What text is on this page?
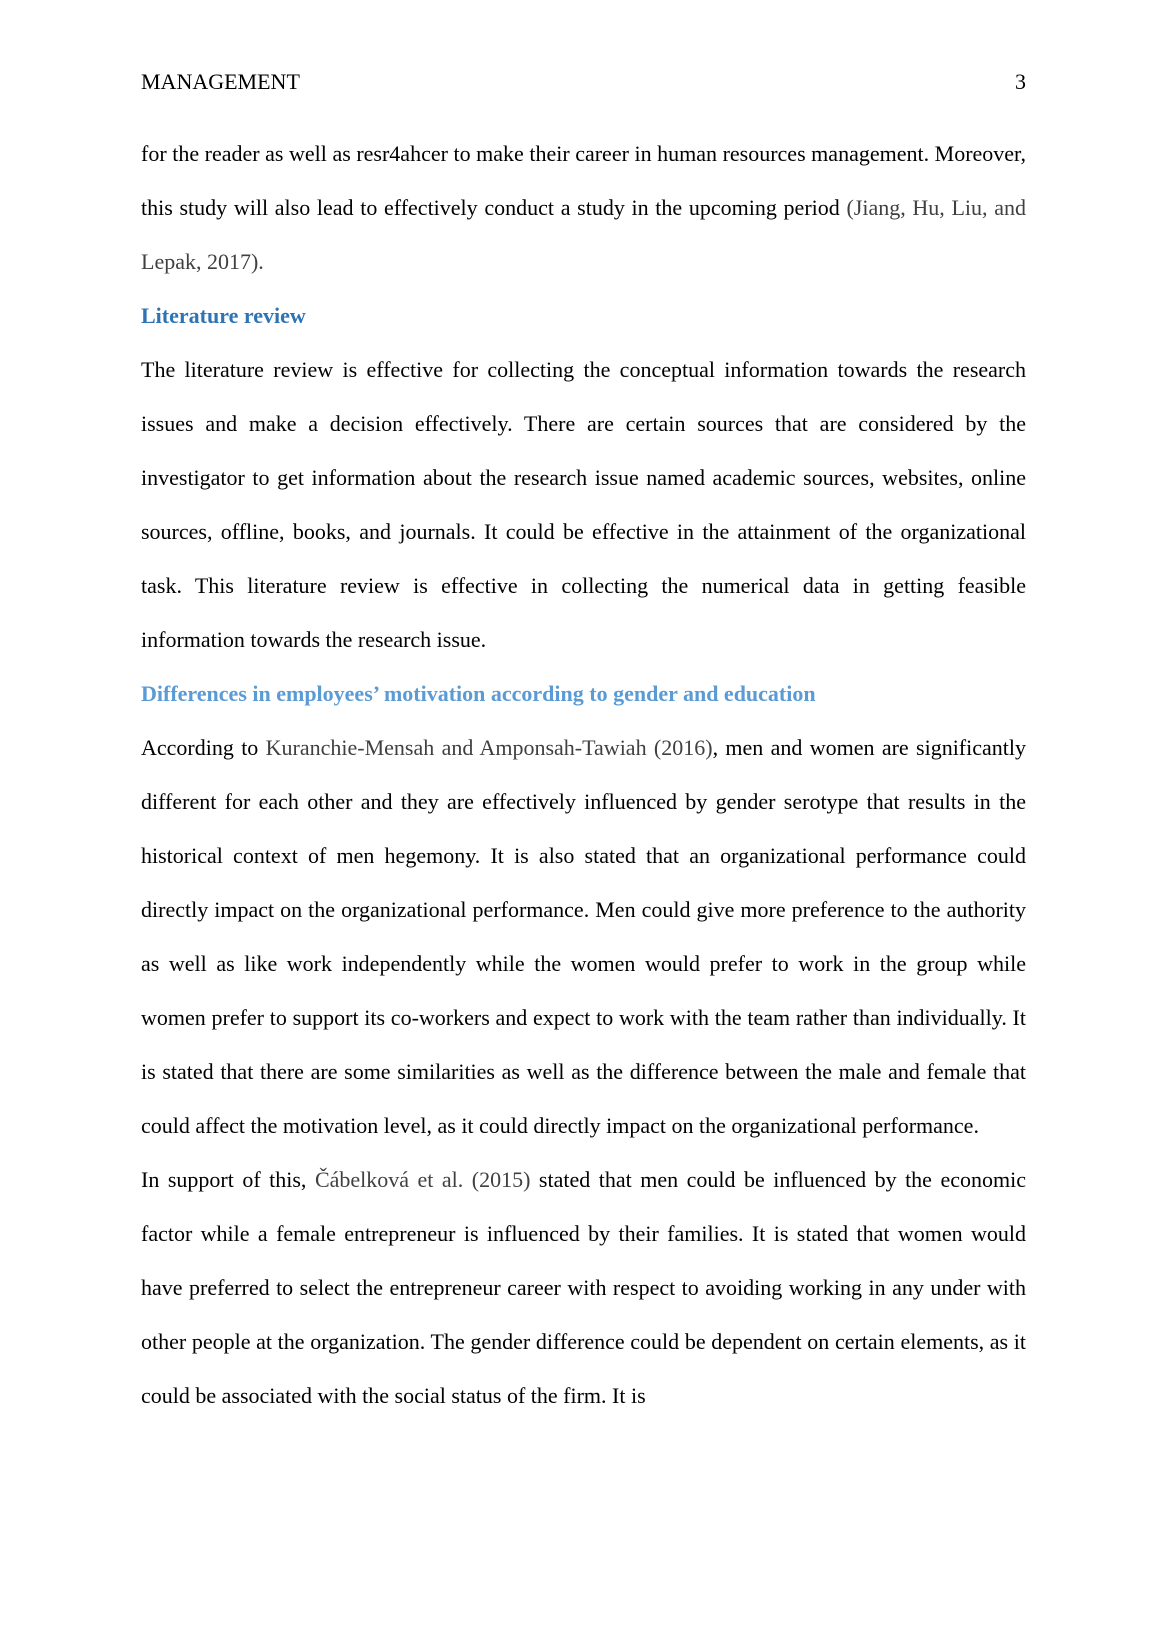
MANAGEMENT	3

for the reader as well as resr4ahcer to make their career in human resources management. Moreover, this study will also lead to effectively conduct a study in the upcoming period (Jiang, Hu, Liu, and Lepak, 2017).

Literature review

The literature review is effective for collecting the conceptual information towards the research issues and make a decision effectively. There are certain sources that are considered by the investigator to get information about the research issue named academic sources, websites, online sources, offline, books, and journals. It could be effective in the attainment of the organizational task. This literature review is effective in collecting the numerical data in getting feasible information towards the research issue.

Differences in employees’ motivation according to gender and education

According to Kuranchie-Mensah and Amponsah-Tawiah (2016), men and women are significantly different for each other and they are effectively influenced by gender serotype that results in the historical context of men hegemony. It is also stated that an organizational performance could directly impact on the organizational performance. Men could give more preference to the authority as well as like work independently while the women would prefer to work in the group while women prefer to support its co-workers and expect to work with the team rather than individually. It is stated that there are some similarities as well as the difference between the male and female that could affect the motivation level, as it could directly impact on the organizational performance.

In support of this, Čábelková et al. (2015) stated that men could be influenced by the economic factor while a female entrepreneur is influenced by their families. It is stated that women would have preferred to select the entrepreneur career with respect to avoiding working in any under with other people at the organization. The gender difference could be dependent on certain elements, as it could be associated with the social status of the firm. It is
